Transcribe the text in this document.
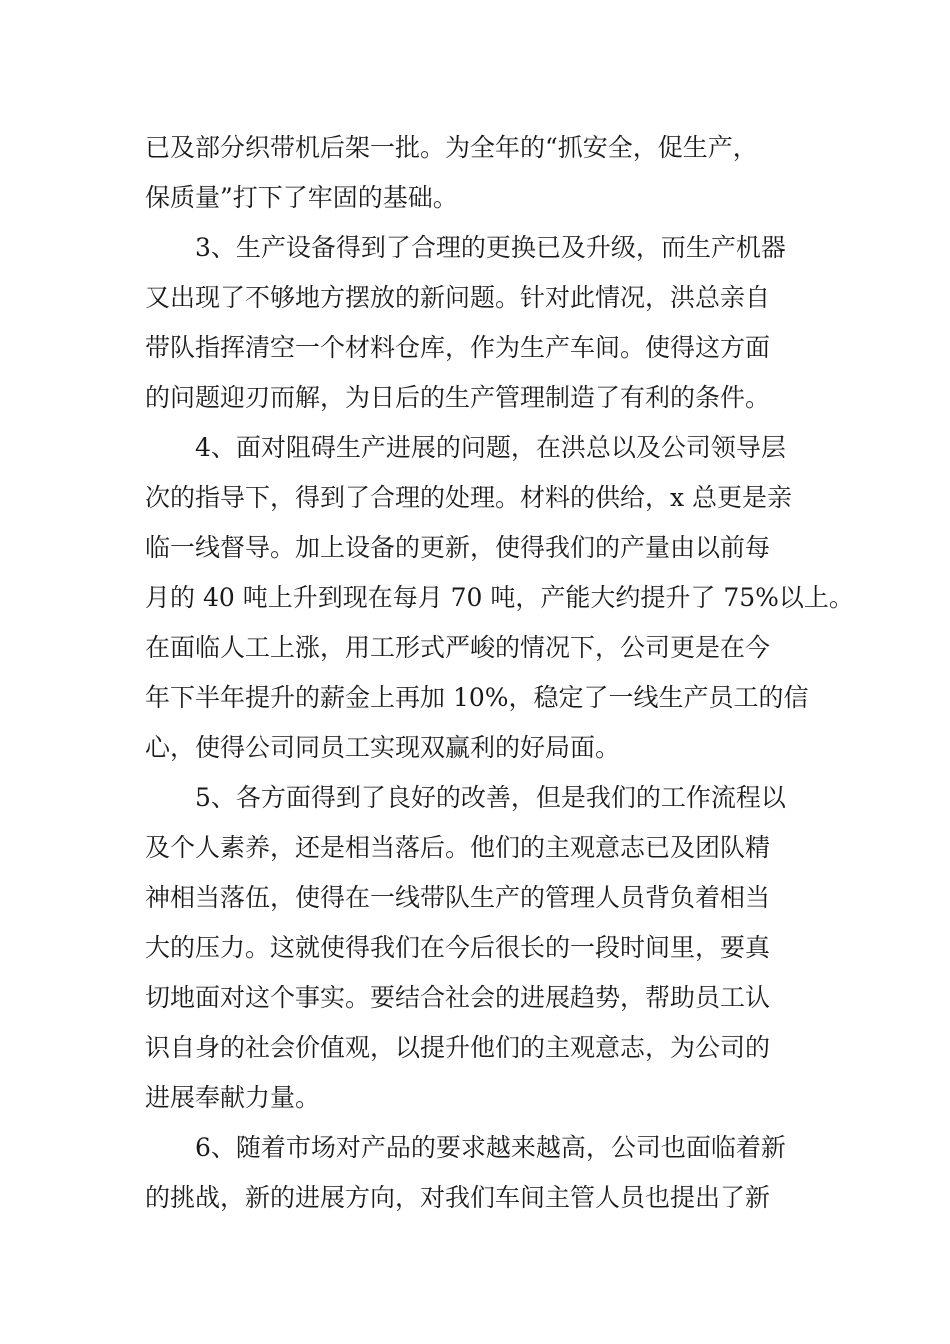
已及部分织带机后架一批。为全年的“抓安全，促生产，
保质量”打下了牢固的基础。
3、生产设备得到了合理的更换已及升级，而生产机器
又出现了不够地方摆放的新问题。针对此情况，洪总亲自
带队指挥清空一个材料仓库，作为生产车间。使得这方面
的问题迎刃而解，为日后的生产管理制造了有利的条件。
4、面对阻碍生产进展的问题，在洪总以及公司领导层
次的指导下，得到了合理的处理。材料的供给，x 总更是亲
临一线督导。加上设备的更新，使得我们的产量由以前每
月的 40 吨上升到现在每月 70 吨，产能大约提升了 75%以上。
在面临人工上涨，用工形式严峻的情况下，公司更是在今
年下半年提升的薪金上再加 10%，稳定了一线生产员工的信
心，使得公司同员工实现双赢利的好局面。
5、各方面得到了良好的改善，但是我们的工作流程以
及个人素养，还是相当落后。他们的主观意志已及团队精
神相当落伍，使得在一线带队生产的管理人员背负着相当
大的压力。这就使得我们在今后很长的一段时间里，要真
切地面对这个事实。要结合社会的进展趋势，帮助员工认
识自身的社会价值观，以提升他们的主观意志，为公司的
进展奉献力量。
6、随着市场对产品的要求越来越高，公司也面临着新
的挑战，新的进展方向，对我们车间主管人员也提出了新
